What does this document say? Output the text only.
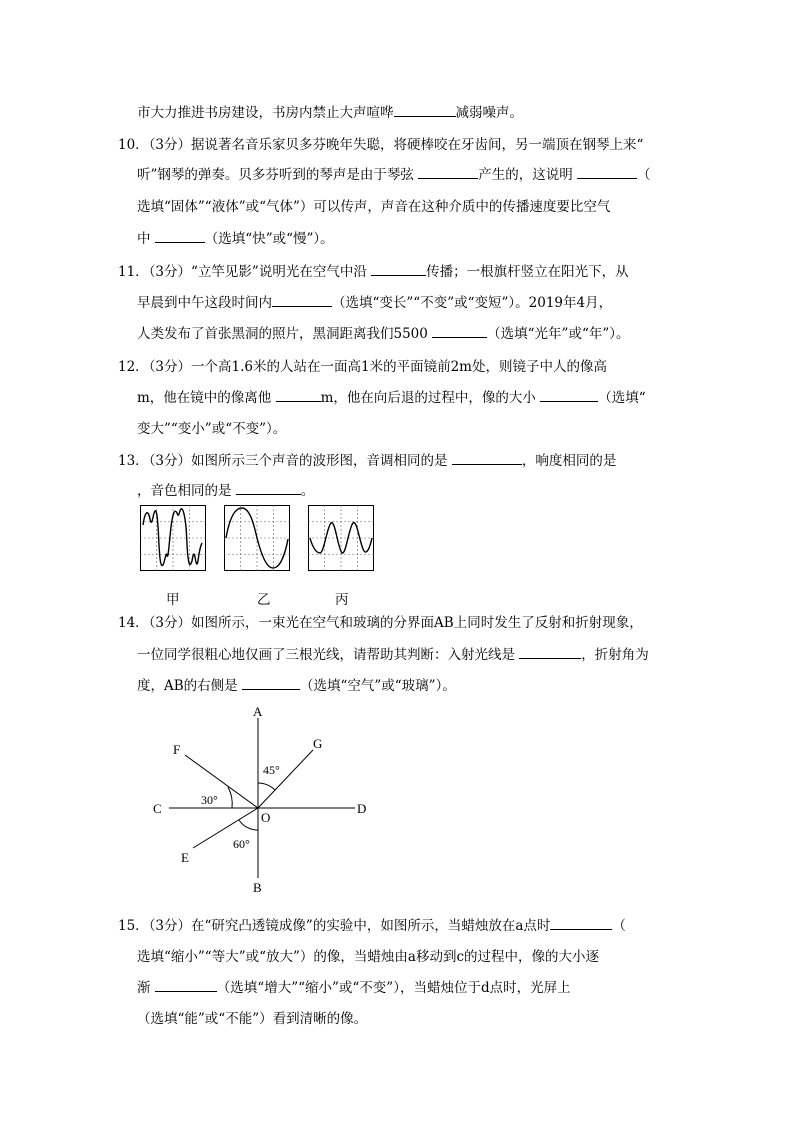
市大力推进书房建设，书房内禁止大声喧哗	减弱噪声。
10．（3分）据说著名音乐家贝多芬晚年失聪，将硬棒咬在牙齿间，另一端顶在钢琴上来“
听”钢琴的弹奏。贝多芬听到的琴声是由于琴弦	产生的，这说明	（
选填“固体”“液体”或“气体”）可以传声，声音在这种介质中的传播速度要比空气
中	（选填“快”或“慢”）。
11．（3分）“立竿见影”说明光在空气中沿	传播；一根旗杆竖立在阳光下，从
早晨到中午这段时间内	（选填“变长”“不变”或“变短”）。2019年4月，
人类发布了首张黑洞的照片，黑洞距离我们5500	（选填“光年”或“年”）。
12．（3分）一个高1.6米的人站在一面高1米的平面镜前2m处，则镜子中人的像高
m，他在镜中的像离他	m，他在向后退的过程中，像的大小	（选填“
变大”“变小”或“不变”）。
13．（3分）如图所示三个声音的波形图，音调相同的是	，响度相同的是
，音色相同的是	。
甲	乙	丙
14．（3分）如图所示，一束光在空气和玻璃的分界面AB上同时发生了反射和折射现象，
一位同学很粗心地仅画了三根光线，请帮助其判断：入射光线是	，折射角为
度，AB的右侧是	（选填“空气”或“玻璃”）。
A
B
C	D
O
E
F	G
30°
45°
60°
15．（3分）在“研究凸透镜成像”的实验中，如图所示，当蜡烛放在a点时	（
选填“缩小”“等大”或“放大”）的像，当蜡烛由a移动到c的过程中，像的大小逐
渐	（选填“增大”“缩小”或“不变”），当蜡烛位于d点时，光屏上
（选填“能”或“不能”）看到清晰的像。
